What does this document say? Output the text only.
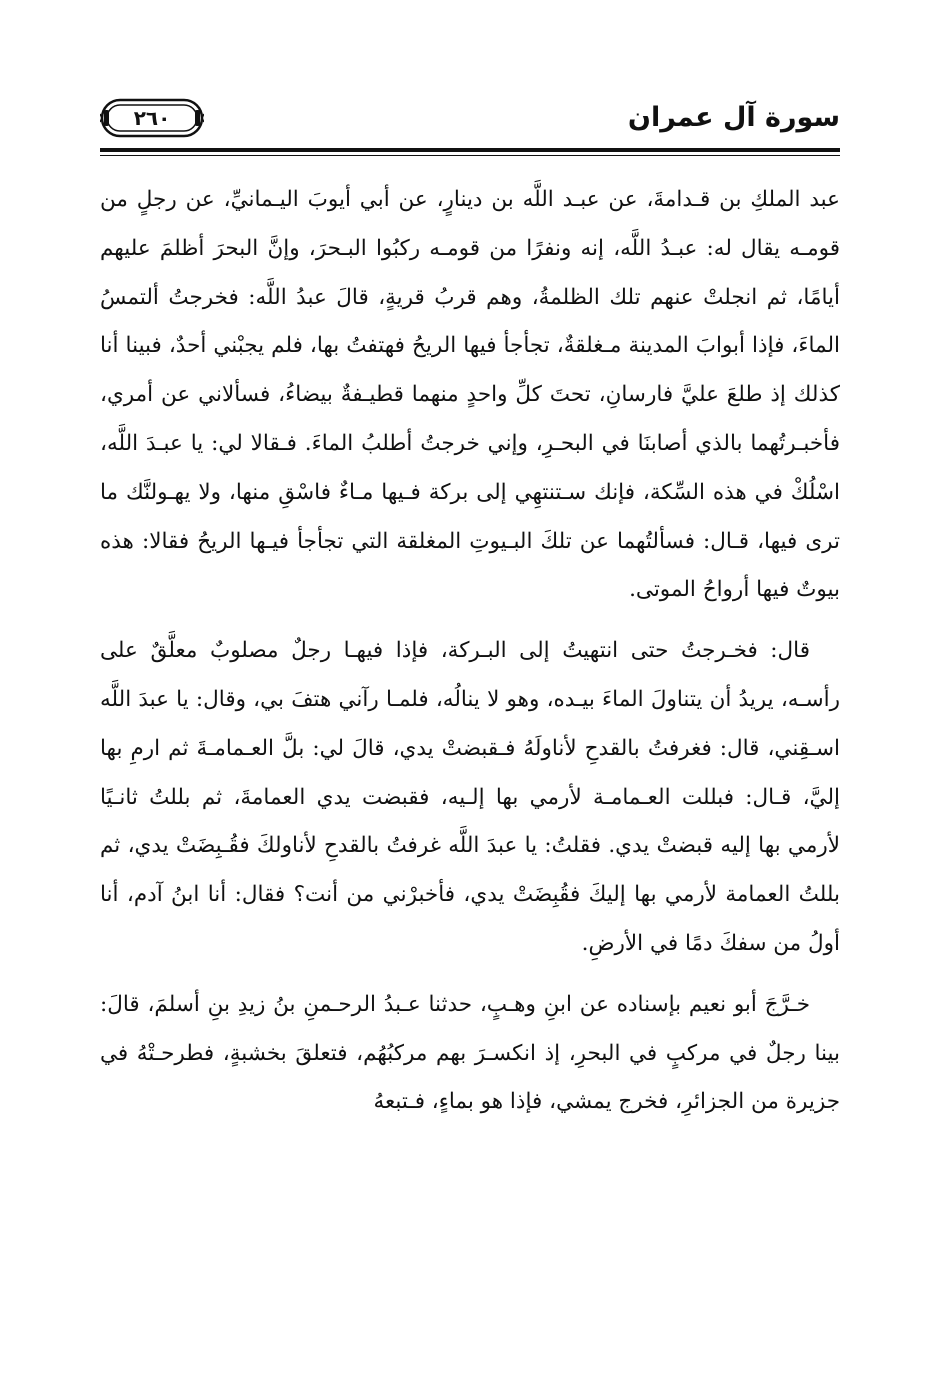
٢٦٠	سورة آل عمران

عبد الملكِ بن قـدامةَ، عن عبـد اللَّه بن دينارٍ، عن أبي أيوبَ اليـمانيِّ، عن رجلٍ من قومـه يقال له: عبـدُ اللَّه، إنه ونفرًا من قومـه ركبُوا البـحرَ، وإنَّ البحرَ أظلمَ عليهم أيامًا، ثم انجلتْ عنهم تلك الظلمةُ، وهم قربُ قريةٍ، قالَ عبدُ اللَّه: فخرجتُ ألتمسُ الماءَ، فإذا أبوابَ المدينة مـغلقةٌ، تجأجأ فيها الريحُ فهتفتُ بها، فلم يجبْني أحدٌ، فبينا أنا كذلك إذ طلعَ عليَّ فارسانِ، تحتَ كلِّ واحدٍ منهما قطيـفةٌ بيضاءُ، فسألاني عن أمري، فأخبـرتُهما بالذي أصابنَا في البحـرِ، وإني خرجتُ أطلبُ الماءَ. فـقالا لي: يا عبـدَ اللَّه، اسْلُكْ في هذه السِّكة، فإنك سـتنتهِي إلى بركة فـيها مـاءٌ فاسْقِ منها، ولا يهـولنَّك ما ترى فيها، قـال: فسألتُهما عن تلكَ البـيوتِ المغلقة التي تجأجأ فيـها الريحُ فقالا: هذه بيوتٌ فيها أرواحُ الموتى.

قال: فخـرجتُ حتى انتهيتُ إلى البـركة، فإذا فيهـا رجلٌ مصلوبٌ معلَّقٌ على رأسـه، يريدُ أن يتناولَ الماءَ بيـده، وهو لا ينالُه، فلمـا رآني هتفَ بي، وقال: يا عبدَ اللَّه اسـقِني، قال: فغرفتُ بالقدحِ لأناولَهُ فـقبضتْ يدي، قالَ لي: بلَّ العـمامـةَ ثم ارمِ بها إليَّ، قـال: فبللت العـمامـة لأرمي بها إلـيه، فقبضت يدي العمامةَ، ثم بللتُ ثانـيًا لأرمي بها إليه قبضتْ يدي. فقلتُ: يا عبدَ اللَّه غرفتُ بالقدحِ لأناولكَ فقُـبِضَتْ يدي، ثم بللتُ العمامة لأرمي بها إليكَ فقُبِضَتْ يدي، فأخبرْني من أنت؟ فقال: أنا ابنُ آدم، أنا أولُ من سفكَ دمًا في الأرضِ.

خـرَّجَ أبو نعيم بإسناده عن ابنِ وهـبٍ، حدثنا عـبدُ الرحـمنِ بنُ زيدِ بنِ أسلمَ، قالَ: بينا رجلٌ في مركبٍ في البحرِ، إذ انكسـرَ بهم مركبُهُم، فتعلقَ بخشبةٍ، فطرحـتْهُ في جزيرة من الجزائرِ، فخرج يمشي، فإذا هو بماءٍ، فـتبعهُ
